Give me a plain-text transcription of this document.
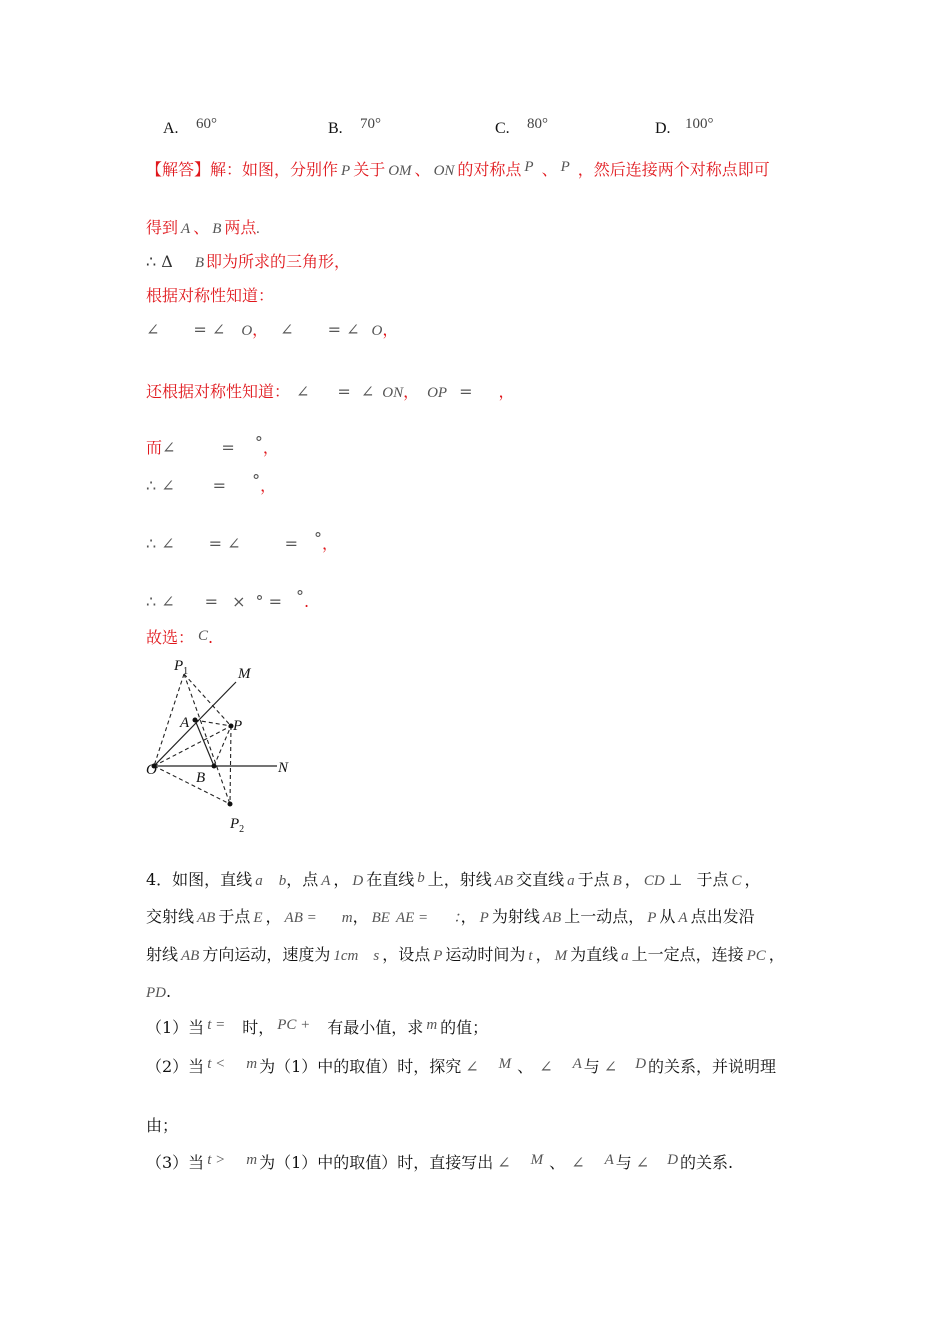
A. 60°	B. 70°	C. 80°	D. 100°
【解答】解：如图，分别作 P 关于 OM 、 ON 的对称点 P 、 P ，然后连接两个对称点即可
得到 A 、 B 两点.
∴ Δ B 即为所求的三角形，
根据对称性知道：
∠ = ∠ O， ∠ = ∠ O，
还根据对称性知道： ∠ = ∠ ON， OP = ，
而∠	= °，
∴ ∠ = °，
∴ ∠ = ∠	= °，
∴ ∠ = × ° = °.
故选： C.
$P_1$	M
A	P
O	B
N
$P_2$
4．如图，直线 a b，点 A ， D 在直线 b 上，射线 AB 交直线 a 于点 B ， CD ⊥ 于点 C ，
交射线 AB 于点 E ， AB = m， BE AE = ：， P 为射线 AB 上一动点， P 从 A 点出发沿
射线 AB 方向运动，速度为 1cm s ，设点 P 运动时间为 t ， M 为直线 a 上一定点，连接 PC ，
PD.
（1）当 t = 时， PC + 有最小值，求 m 的值；
（2）当 t < m 为（1）中的取值）时，探究 ∠ M 、 ∠ A 与 ∠ D 的关系，并说明理
由；
（3）当 t > m 为（1）中的取值）时，直接写出 ∠ M 、 ∠ A 与 ∠ D 的关系.
